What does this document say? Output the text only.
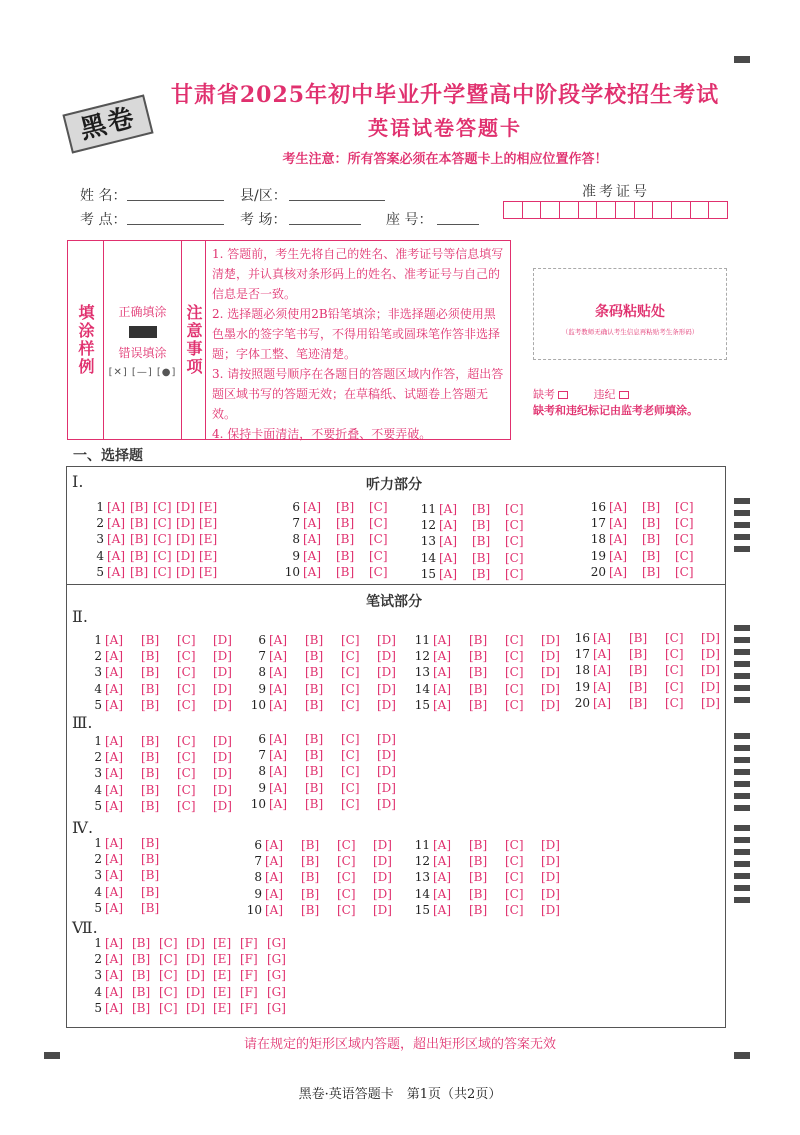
黑卷
甘肃省2025年初中毕业升学暨高中阶段学校招生考试
英语试卷答题卡
考生注意：所有答案必须在本答题卡上的相应位置作答！
姓 名：	县/区：
考 点：	考 场：	座 号：
准考证号
填涂样例 正确填涂
错误填涂
[✕] [—] [●] 注意事项
1. 答题前，考生先将自己的姓名、准考证号等信息填写清楚，并认真核对条形码上的姓名、准考证号与自己的信息是否一致。
2. 选择题必须使用2B铅笔填涂；非选择题必须使用黑色墨水的签字笔书写，不得用铅笔或圆珠笔作答非选择题；字体工整、笔迹清楚。
3. 请按照题号顺序在各题目的答题区域内作答，超出答题区域书写的答题无效；在草稿纸、试题卷上答题无效。
4. 保持卡面清洁，不要折叠、不要弄破。
条码粘贴处
（监考教师无确认考生信息再粘贴考生条形码）
缺考	违纪
缺考和违纪标记由监考老师填涂。
一、选择题
听力部分
Ⅰ.
笔试部分
Ⅱ.
Ⅲ.
Ⅳ.
Ⅶ.
1 [A] [B] [C] [D] [E]
2 [A] [B] [C] [D] [E]
3 [A] [B] [C] [D] [E]
4 [A] [B] [C] [D] [E]
5 [A] [B] [C] [D] [E]
6 [A] [B] [C]
7 [A] [B] [C]
8 [A] [B] [C]
9 [A] [B] [C]
10 [A] [B] [C]
11 [A] [B] [C]
12 [A] [B] [C]
13 [A] [B] [C]
14 [A] [B] [C]
15 [A] [B] [C]
16 [A] [B] [C]
17 [A] [B] [C]
18 [A] [B] [C]
19 [A] [B] [C]
20 [A] [B] [C]
1 [A] [B] [C] [D]
2 [A] [B] [C] [D]
3 [A] [B] [C] [D]
4 [A] [B] [C] [D]
5 [A] [B] [C] [D]
6 [A] [B] [C] [D]
7 [A] [B] [C] [D]
8 [A] [B] [C] [D]
9 [A] [B] [C] [D]
10 [A] [B] [C] [D]
11 [A] [B] [C] [D]
12 [A] [B] [C] [D]
13 [A] [B] [C] [D]
14 [A] [B] [C] [D]
15 [A] [B] [C] [D]
16 [A] [B] [C] [D]
17 [A] [B] [C] [D]
18 [A] [B] [C] [D]
19 [A] [B] [C] [D]
20 [A] [B] [C] [D]
1 [A] [B] [C] [D]
2 [A] [B] [C] [D]
3 [A] [B] [C] [D]
4 [A] [B] [C] [D]
5 [A] [B] [C] [D]
6 [A] [B] [C] [D]
7 [A] [B] [C] [D]
8 [A] [B] [C] [D]
9 [A] [B] [C] [D]
10 [A] [B] [C] [D]
1 [A] [B]
2 [A] [B]
3 [A] [B]
4 [A] [B]
5 [A] [B]
6 [A] [B] [C] [D]
7 [A] [B] [C] [D]
8 [A] [B] [C] [D]
9 [A] [B] [C] [D]
10 [A] [B] [C] [D]
11 [A] [B] [C] [D]
12 [A] [B] [C] [D]
13 [A] [B] [C] [D]
14 [A] [B] [C] [D]
15 [A] [B] [C] [D]
1 [A] [B] [C] [D] [E] [F] [G]
2 [A] [B] [C] [D] [E] [F] [G]
3 [A] [B] [C] [D] [E] [F] [G]
4 [A] [B] [C] [D] [E] [F] [G]
5 [A] [B] [C] [D] [E] [F] [G]
请在规定的矩形区域内答题，超出矩形区域的答案无效
黑卷·英语答题卡　第1页（共2页）
